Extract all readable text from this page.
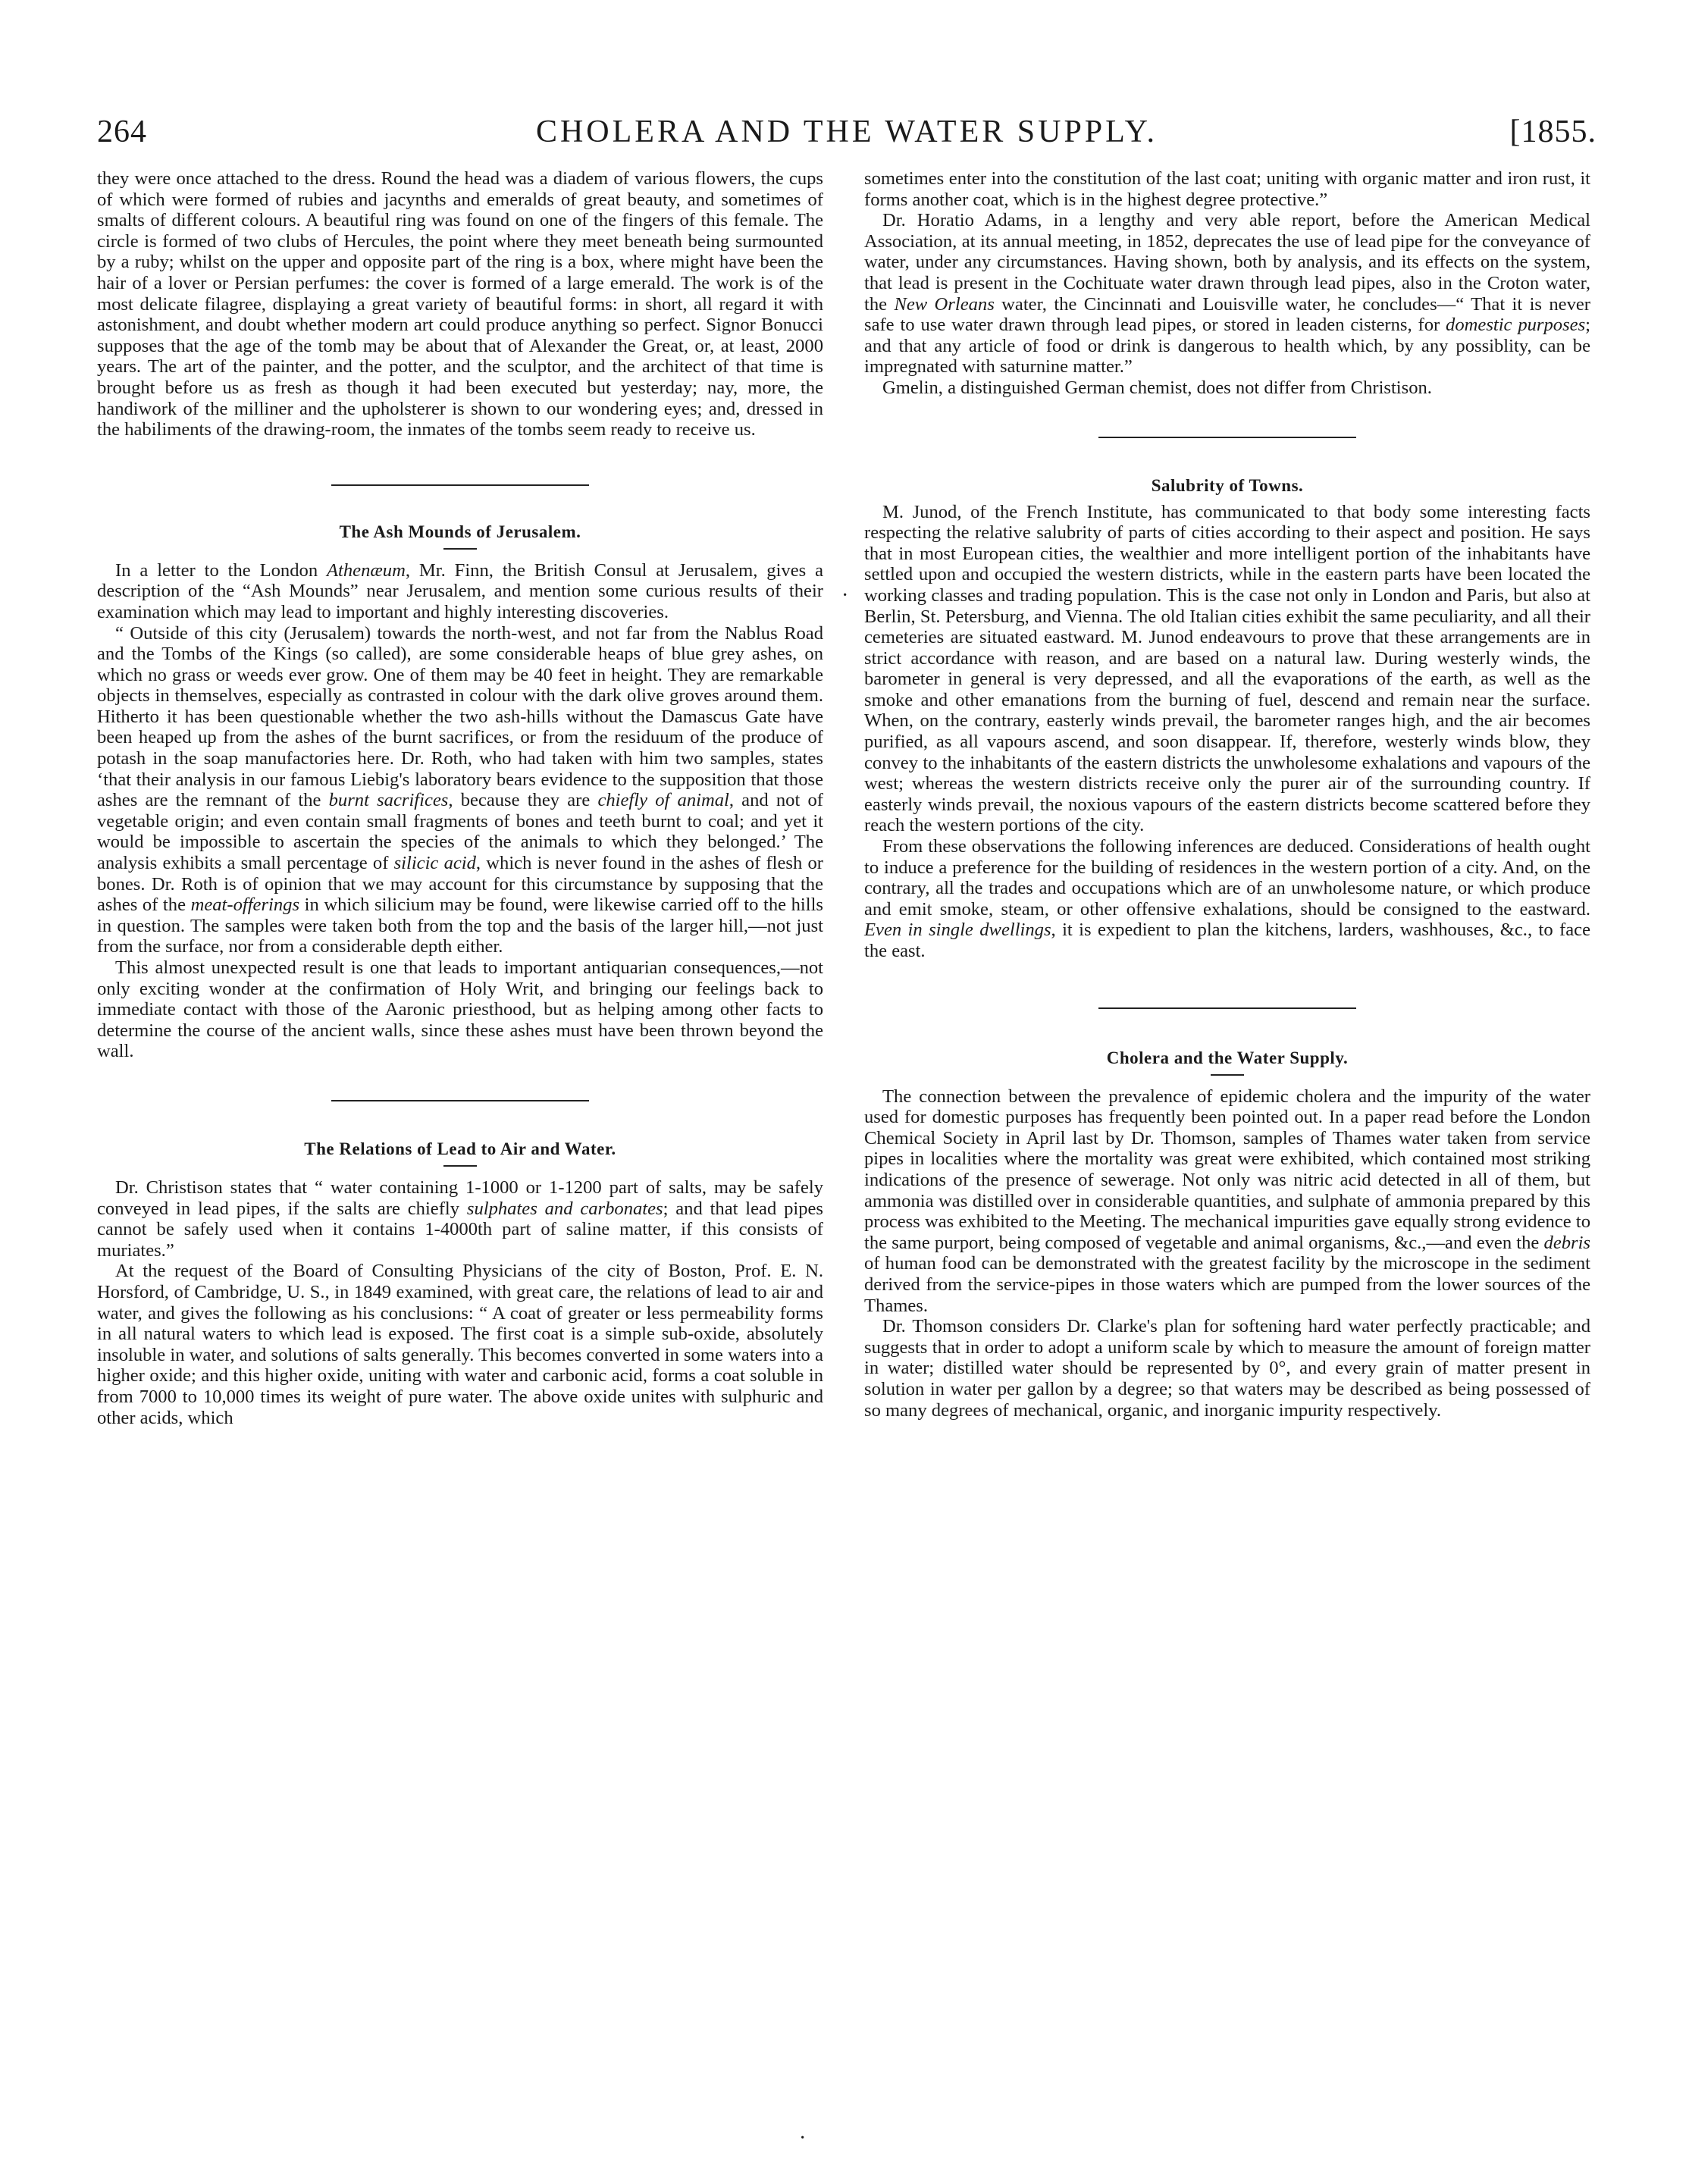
264	CHOLERA AND THE WATER SUPPLY.	[1855.

they were once attached to the dress. Round the head was a diadem of various flowers, the cups of which were formed of rubies and jacynths and emeralds of great beauty, and sometimes of smalts of different colours. A beautiful ring was found on one of the fingers of this female. The circle is formed of two clubs of Hercules, the point where they meet beneath being surmounted by a ruby; whilst on the upper and opposite part of the ring is a box, where might have been the hair of a lover or Persian perfumes: the cover is formed of a large emerald. The work is of the most delicate filagree, displaying a great variety of beautiful forms: in short, all regard it with astonishment, and doubt whether modern art could produce anything so perfect. Signor Bonucci supposes that the age of the tomb may be about that of Alexander the Great, or, at least, 2000 years. The art of the painter, and the potter, and the sculptor, and the architect of that time is brought before us as fresh as though it had been executed but yesterday; nay, more, the handiwork of the milliner and the upholsterer is shown to our wondering eyes; and, dressed in the habiliments of the drawing-room, the inmates of the tombs seem ready to receive us.

The Ash Mounds of Jerusalem.

In a letter to the London Athenæum, Mr. Finn, the British Consul at Jerusalem, gives a description of the “Ash Mounds” near Jerusalem, and mention some curious results of their examination which may lead to important and highly interesting discoveries.

“ Outside of this city (Jerusalem) towards the north-west, and not far from the Nablus Road and the Tombs of the Kings (so called), are some considerable heaps of blue grey ashes, on which no grass or weeds ever grow. One of them may be 40 feet in height. They are remarkable objects in themselves, especially as contrasted in colour with the dark olive groves around them. Hitherto it has been questionable whether the two ash-hills without the Damascus Gate have been heaped up from the ashes of the burnt sacrifices, or from the residuum of the produce of potash in the soap manufactories here. Dr. Roth, who had taken with him two samples, states ‘that their analysis in our famous Liebig's laboratory bears evidence to the supposition that those ashes are the remnant of the burnt sacrifices, because they are chiefly of animal, and not of vegetable origin; and even contain small fragments of bones and teeth burnt to coal; and yet it would be impossible to ascertain the species of the animals to which they belonged.’ The analysis exhibits a small percentage of silicic acid, which is never found in the ashes of flesh or bones. Dr. Roth is of opinion that we may account for this circumstance by supposing that the ashes of the meat-offerings in which silicium may be found, were likewise carried off to the hills in question. The samples were taken both from the top and the basis of the larger hill,—not just from the surface, nor from a considerable depth either.

This almost unexpected result is one that leads to important antiquarian consequences,—not only exciting wonder at the confirmation of Holy Writ, and bringing our feelings back to immediate contact with those of the Aaronic priesthood, but as helping among other facts to determine the course of the ancient walls, since these ashes must have been thrown beyond the wall.

The Relations of Lead to Air and Water.

Dr. Christison states that “ water containing 1-1000 or 1-1200 part of salts, may be safely conveyed in lead pipes, if the salts are chiefly sulphates and carbonates; and that lead pipes cannot be safely used when it contains 1-4000th part of saline matter, if this consists of muriates.”

At the request of the Board of Consulting Physicians of the city of Boston, Prof. E. N. Horsford, of Cambridge, U. S., in 1849 examined, with great care, the relations of lead to air and water, and gives the following as his conclusions: “ A coat of greater or less permeability forms in all natural waters to which lead is exposed. The first coat is a simple sub-oxide, absolutely insoluble in water, and solutions of salts generally. This becomes converted in some waters into a higher oxide; and this higher oxide, uniting with water and carbonic acid, forms a coat soluble in from 7000 to 10,000 times its weight of pure water. The above oxide unites with sulphuric and other acids, which

sometimes enter into the constitution of the last coat; uniting with organic matter and iron rust, it forms another coat, which is in the highest degree protective.”

Dr. Horatio Adams, in a lengthy and very able report, before the American Medical Association, at its annual meeting, in 1852, deprecates the use of lead pipe for the conveyance of water, under any circumstances. Having shown, both by analysis, and its effects on the system, that lead is present in the Cochituate water drawn through lead pipes, also in the Croton water, the New Orleans water, the Cincinnati and Louisville water, he concludes—“ That it is never safe to use water drawn through lead pipes, or stored in leaden cisterns, for domestic purposes; and that any article of food or drink is dangerous to health which, by any possiblity, can be impregnated with saturnine matter.”

Gmelin, a distinguished German chemist, does not differ from Christison.

Salubrity of Towns.

M. Junod, of the French Institute, has communicated to that body some interesting facts respecting the relative salubrity of parts of cities according to their aspect and position. He says that in most European cities, the wealthier and more intelligent portion of the inhabitants have settled upon and occupied the western districts, while in the eastern parts have been located the working classes and trading population. This is the case not only in London and Paris, but also at Berlin, St. Petersburg, and Vienna. The old Italian cities exhibit the same peculiarity, and all their cemeteries are situated eastward. M. Junod endeavours to prove that these arrangements are in strict accordance with reason, and are based on a natural law. During westerly winds, the barometer in general is very depressed, and all the evaporations of the earth, as well as the smoke and other emanations from the burning of fuel, descend and remain near the surface. When, on the contrary, easterly winds prevail, the barometer ranges high, and the air becomes purified, as all vapours ascend, and soon disappear. If, therefore, westerly winds blow, they convey to the inhabitants of the eastern districts the unwholesome exhalations and vapours of the west; whereas the western districts receive only the purer air of the surrounding country. If easterly winds prevail, the noxious vapours of the eastern districts become scattered before they reach the western portions of the city.

From these observations the following inferences are deduced. Considerations of health ought to induce a preference for the building of residences in the western portion of a city. And, on the contrary, all the trades and occupations which are of an unwholesome nature, or which produce and emit smoke, steam, or other offensive exhalations, should be consigned to the eastward. Even in single dwellings, it is expedient to plan the kitchens, larders, washhouses, &c., to face the east.

Cholera and the Water Supply.

The connection between the prevalence of epidemic cholera and the impurity of the water used for domestic purposes has frequently been pointed out. In a paper read before the London Chemical Society in April last by Dr. Thomson, samples of Thames water taken from service pipes in localities where the mortality was great were exhibited, which contained most striking indications of the presence of sewerage. Not only was nitric acid detected in all of them, but ammonia was distilled over in considerable quantities, and sulphate of ammonia prepared by this process was exhibited to the Meeting. The mechanical impurities gave equally strong evidence to the same purport, being composed of vegetable and animal organisms, &c.,—and even the debris of human food can be demonstrated with the greatest facility by the microscope in the sediment derived from the service-pipes in those waters which are pumped from the lower sources of the Thames.

Dr. Thomson considers Dr. Clarke's plan for softening hard water perfectly practicable; and suggests that in order to adopt a uniform scale by which to measure the amount of foreign matter in water; distilled water should be represented by 0°, and every grain of matter present in solution in water per gallon by a degree; so that waters may be described as being possessed of so many degrees of mechanical, organic, and inorganic impurity respectively.

·
·
